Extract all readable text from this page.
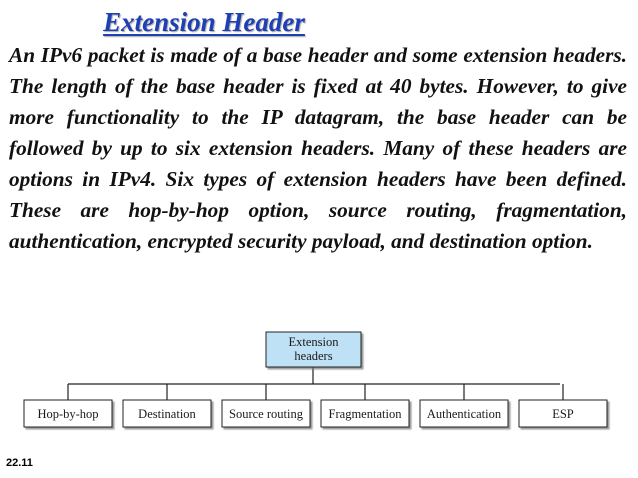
Extension Header

An IPv6 packet is made of a base header and some extension headers. The length of the base header is fixed at 40 bytes. However, to give more functionality to the IP datagram, the base header can be followed by up to six extension headers. Many of these headers are options in IPv4. Six types of extension headers have been defined. These are hop-by-hop option, source routing, fragmentation, authentication, encrypted security payload, and destination option.

Extension
headers
Hop-by-hop	Destination	Source routing Fragmentation Authentication	ESP
22.11
